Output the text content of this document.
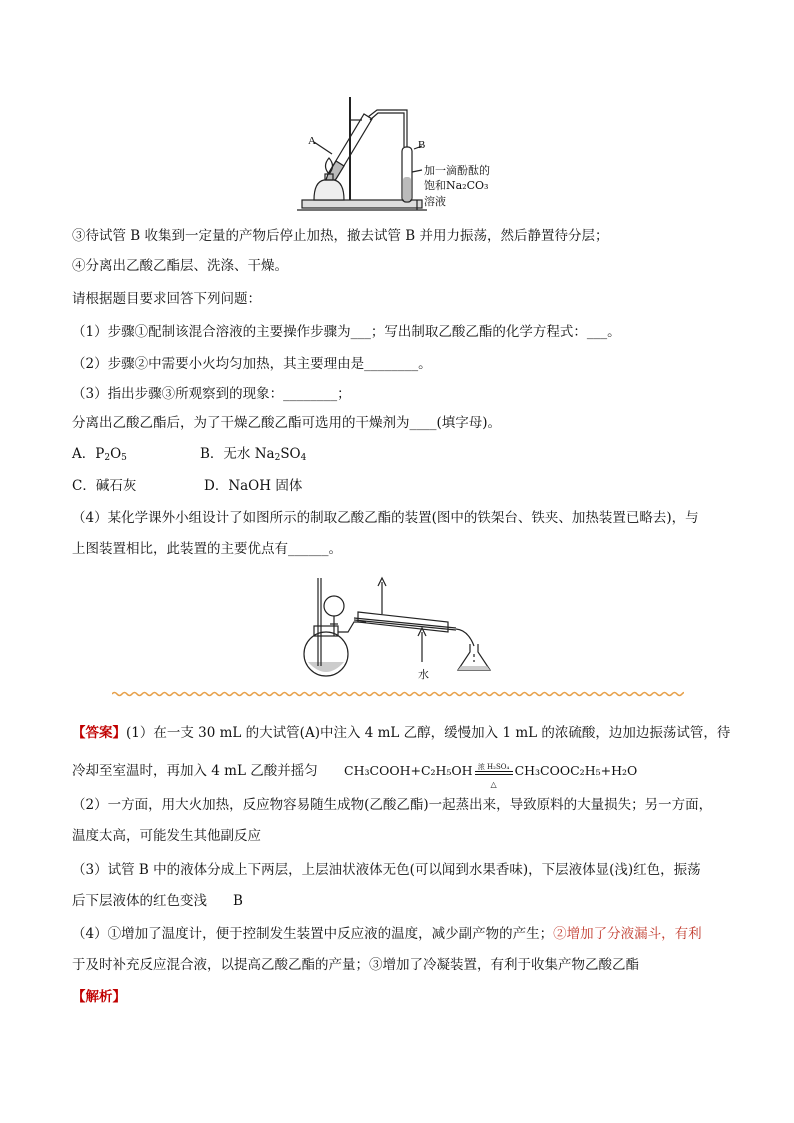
A	B
加一滴酚酞的
饱和Na₂CO₃
溶液
③待试管 B 收集到一定量的产物后停止加热，撤去试管 B 并用力振荡，然后静置待分层；
④分离出乙酸乙酯层、洗涤、干燥。
请根据题目要求回答下列问题：
（1）步骤①配制该混合溶液的主要操作步骤为___；写出制取乙酸乙酯的化学方程式：___。
（2）步骤②中需要小火均匀加热，其主要理由是________。
（3）指出步骤③所观察到的现象：________；
分离出乙酸乙酯后，为了干燥乙酸乙酯可选用的干燥剂为____(填字母)。
A．$P_2O_5$	B．无水 $Na_2SO_4$
C．碱石灰	D．NaOH 固体
（4）某化学课外小组设计了如图所示的制取乙酸乙酯的装置(图中的铁架台、铁夹、加热装置已略去)，与
上图装置相比，此装置的主要优点有______。
水
【答案】(1）在一支 30 mL 的大试管(A)中注入 4 mL 乙醇，缓慢加入 1 mL 的浓硫酸，边加边振荡试管，待
冷却至室温时，再加入 4 mL 乙酸并摇匀 CH₃COOH+C₂H₅OH 浓 H₂SO₄
△
CH₃COOC₂H₅+H₂O
（2）一方面，用大火加热，反应物容易随生成物(乙酸乙酯)一起蒸出来，导致原料的大量损失；另一方面，
温度太高，可能发生其他副反应
（3）试管 B 中的液体分成上下两层，上层油状液体无色(可以闻到水果香味)，下层液体显(浅)红色，振荡
后下层液体的红色变浅 B
（4）①增加了温度计，便于控制发生装置中反应液的温度，减少副产物的产生；②增加了分液漏斗，有利
于及时补充反应混合液，以提高乙酸乙酯的产量；③增加了冷凝装置，有利于收集产物乙酸乙酯
【解析】
